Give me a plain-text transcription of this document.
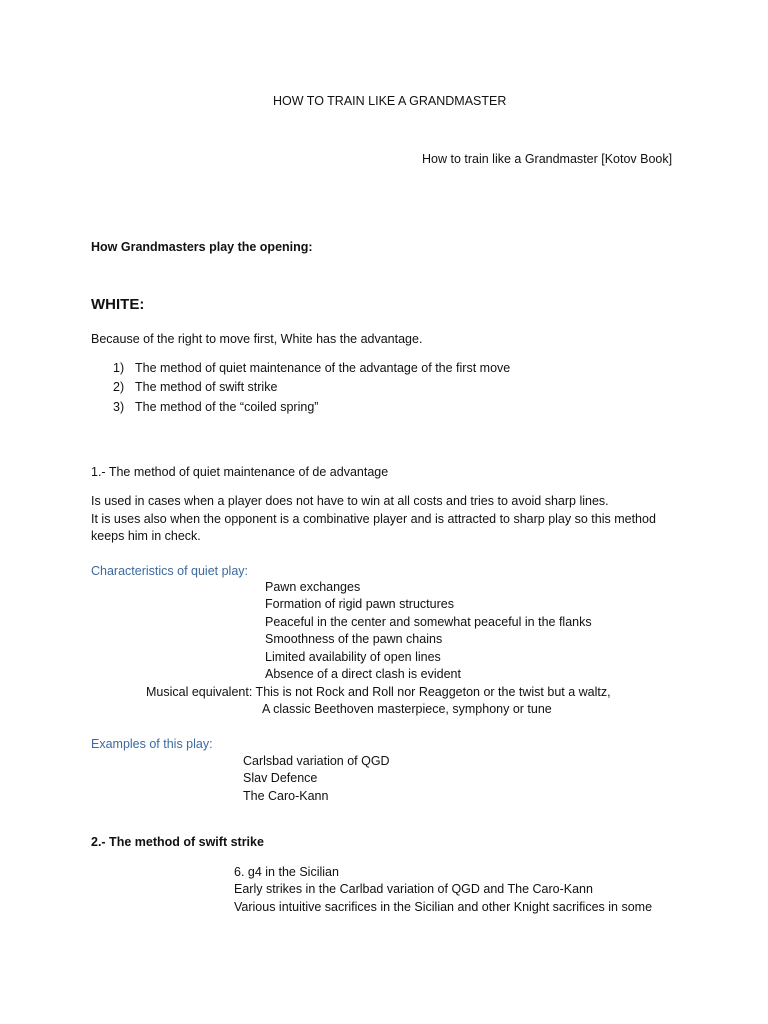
HOW TO TRAIN LIKE A GRANDMASTER

How to train like a Grandmaster [Kotov Book]

How Grandmasters play the opening:

WHITE:

Because of the right to move first, White has the advantage.

1) The method of quiet maintenance of the advantage of the first move
2) The method of swift strike
3) The method of the “coiled spring”

1.- The method of quiet maintenance of de advantage

Is used in cases when a player does not have to win at all costs and tries to avoid sharp lines.

It is uses also when the opponent is a combinative player and is attracted to sharp play so this method

keeps him in check.

Characteristics of quiet play:

Pawn exchanges
Formation of rigid pawn structures
Peaceful in the center and somewhat peaceful in the flanks
Smoothness of the pawn chains
Limited availability of open lines
Absence of a direct clash is evident

Musical equivalent: This is not Rock and Roll nor Reaggeton or the twist but a waltz,

A classic Beethoven masterpiece, symphony or tune

Examples of this play:

Carlsbad variation of QGD
Slav Defence
The Caro-Kann

2.- The method of swift strike

6. g4 in the Sicilian
Early strikes in the Carlbad variation of QGD and The Caro-Kann
Various intuitive sacrifices in the Sicilian and other Knight sacrifices in some
